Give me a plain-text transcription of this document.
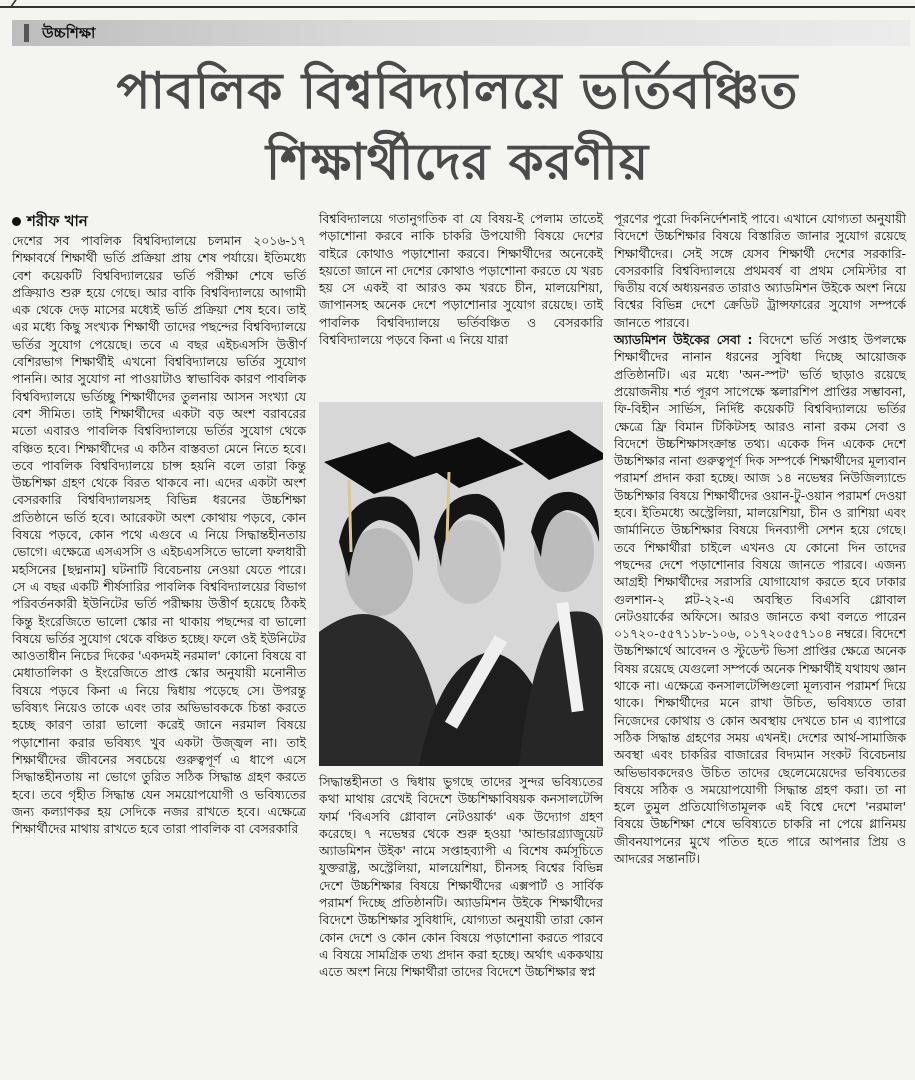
উচ্চশিক্ষা
পাবলিক বিশ্ববিদ্যালয়ে ভর্তিবঞ্চিত
শিক্ষার্থীদের করণীয়
শরীফ খান

দেশের সব পাবলিক বিশ্ববিদ্যালয়ে চলমান ২০১৬-১৭ শিক্ষাবর্ষে শিক্ষার্থী ভর্তি প্রক্রিয়া প্রায় শেষ পর্যায়ে। ইতিমধ্যে বেশ কয়েকটি বিশ্ববিদ্যালয়ের ভর্তি পরীক্ষা শেষে ভর্তি প্রক্রিয়াও শুরু হয়ে গেছে। আর বাকি বিশ্ববিদ্যালয়ে আগামী এক থেকে দেড় মাসের মধ্যেই ভর্তি প্রক্রিয়া শেষ হবে। তাই এর মধ্যে কিছু সংখ্যক শিক্ষার্থী তাদের পছন্দের বিশ্ববিদ্যালয়ে ভর্তির সুযোগ পেয়েছে। তবে এ বছর এইচএসসি উত্তীর্ণ বেশিরভাগ শিক্ষার্থীই এখনো বিশ্ববিদ্যালয়ে ভর্তির সুযোগ পাননি। আর সুযোগ না পাওয়াটাও স্বাভাবিক কারণ পাবলিক বিশ্ববিদ্যালয়ে ভর্তিচ্ছু শিক্ষার্থীদের তুলনায় আসন সংখ্যা যে বেশ সীমিত। তাই শিক্ষার্থীদের একটা বড় অংশ বরাবরের মতো এবারও পাবলিক বিশ্ববিদ্যালয়ে ভর্তির সুযোগ থেকে বঞ্চিত হবে। শিক্ষার্থীদের এ কঠিন বাস্তবতা মেনে নিতে হবে। তবে পাবলিক বিশ্ববিদ্যালয়ে চান্স হয়নি বলে তারা কিন্তু উচ্চশিক্ষা গ্রহণ থেকে বিরত থাকবে না। এদের একটা অংশ বেসরকারি বিশ্ববিদ্যালয়সহ বিভিন্ন ধরনের উচ্চশিক্ষা প্রতিষ্ঠানে ভর্তি হবে। আরেকটা অংশ কোথায় পড়বে, কোন বিষয়ে পড়বে, কোন পথে এগুবে এ নিয়ে সিদ্ধান্তহীনতায় ভোগে। এক্ষেত্রে এসএসসি ও এইচএসসিতে ভালো ফলধারী মহসিনের [ছদ্মনাম] ঘটনাটি বিবেচনায় নেওয়া যেতে পারে। সে এ বছর একটি শীর্ষসারির পাবলিক বিশ্ববিদ্যালয়ের বিভাগ পরিবর্তনকারী ইউনিটের ভর্তি পরীক্ষায় উত্তীর্ণ হয়েছে ঠিকই কিন্তু ইংরেজিতে ভালো স্কোর না থাকায় পছন্দের বা ভালো বিষয়ে ভর্তির সুযোগ থেকে বঞ্চিত হচ্ছে। ফলে ওই ইউনিটের আওতাধীন নিচের দিকের 'একদমই নরমাল' কোনো বিষয়ে বা মেধাতালিকা ও ইংরেজিতে প্রাপ্ত স্কোর অনুযায়ী মনোনীত বিষয়ে পড়বে কিনা এ নিয়ে দ্বিধায় পড়েছে সে। উপরন্তু ভবিষ্যৎ নিয়েও তাকে এবং তার অভিভাবককে চিন্তা করতে হচ্ছে কারণ তারা ভালো করেই জানে নরমাল বিষয়ে পড়াশোনা করার ভবিষ্যৎ খুব একটা উজ্জ্বল না। তাই শিক্ষার্থীদের জীবনের সবচেয়ে গুরুত্বপূর্ণ এ ধাপে এসে সিদ্ধান্তহীনতায় না ভোগে তুরিত সঠিক সিদ্ধান্ত গ্রহণ করতে হবে। তবে গৃহীত সিদ্ধান্ত যেন সময়োপযোগী ও ভবিষ্যতের জন্য কল্যাণকর হয় সেদিকে নজর রাখতে হবে। এক্ষেত্রে শিক্ষার্থীদের মাথায় রাখতে হবে তারা পাবলিক বা বেসরকারি

বিশ্ববিদ্যালয়ে গতানুগতিক বা যে বিষয়-ই পেলাম তাতেই পড়াশোনা করবে নাকি চাকরি উপযোগী বিষয়ে দেশের বাইরে কোথাও পড়াশোনা করবে। শিক্ষার্থীদের অনেকেই হয়তো জানে না দেশের কোথাও পড়াশোনা করতে যে খরচ হয় সে একই বা আরও কম খরচে চীন, মালয়েশিয়া, জাপানসহ অনেক দেশে পড়াশোনার সুযোগ রয়েছে। তাই পাবলিক বিশ্ববিদ্যালয়ে ভর্তিবঞ্চিত ও বেসরকারি বিশ্ববিদ্যালয়ে পড়বে কিনা এ নিয়ে যারা

সিদ্ধান্তহীনতা ও দ্বিধায় ভুগছে তাদের সুন্দর ভবিষ্যতের কথা মাথায় রেখেই বিদেশে উচ্চশিক্ষাবিষয়ক কনসালটেন্সি ফার্ম 'বিএসবি গ্লোবাল নেটওয়ার্ক' এক উদ্যোগ গ্রহণ করেছে। ৭ নভেম্বর থেকে শুরু হওয়া 'আন্ডারগ্র্যাজুয়েট অ্যাডমিশন উইক' নামে সপ্তাহব্যাপী এ বিশেষ কর্মসূচিতে যুক্তরাষ্ট্র, অস্ট্রেলিয়া, মালয়েশিয়া, চীনসহ বিশ্বের বিভিন্ন দেশে উচ্চশিক্ষার বিষয়ে শিক্ষার্থীদের এক্সপার্ট ও সার্বিক পরামর্শ দিচ্ছে প্রতিষ্ঠানটি। অ্যাডমিশন উইকে শিক্ষার্থীদের বিদেশে উচ্চশিক্ষার সুবিধাদি, যোগ্যতা অনুযায়ী তারা কোন কোন দেশে ও কোন কোন বিষয়ে পড়াশোনা করতে পারবে এ বিষয়ে সামগ্রিক তথ্য প্রদান করা হচ্ছে। অর্থাৎ এককথায় এতে অংশ নিয়ে শিক্ষার্থীরা তাদের বিদেশে উচ্চশিক্ষার স্বপ্ন

পূরণের পুরো দিকনির্দেশনাই পাবে। এখানে যোগ্যতা অনুযায়ী বিদেশে উচ্চশিক্ষার বিষয়ে বিস্তারিত জানার সুযোগ রয়েছে শিক্ষার্থীদের। সেই সঙ্গে যেসব শিক্ষার্থী দেশের সরকারি-বেসরকারি বিশ্ববিদ্যালয়ে প্রথমবর্ষ বা প্রথম সেমিস্টার বা দ্বিতীয় বর্ষে অধ্যয়নরত তারাও অ্যাডমিশন উইকে অংশ নিয়ে বিশ্বের বিভিন্ন দেশে ক্রেডিট ট্রান্সফারের সুযোগ সম্পর্কে জানতে পারবে।

অ্যাডমিশন উইকের সেবা : বিদেশে ভর্তি সপ্তাহ উপলক্ষে শিক্ষার্থীদের নানান ধরনের সুবিধা দিচ্ছে আয়োজক প্রতিষ্ঠানটি। এর মধ্যে 'অন-স্পট' ভর্তি ছাড়াও রয়েছে প্রয়োজনীয় শর্ত পূরণ সাপেক্ষে স্কলারশিপ প্রাপ্তির সম্ভাবনা, ফি-বিহীন সার্ভিস, নির্দিষ্ট কয়েকটি বিশ্ববিদ্যালয়ে ভর্তির ক্ষেত্রে ফ্রি বিমান টিকিটসহ আরও নানা রকম সেবা ও বিদেশে উচ্চশিক্ষাসংক্রান্ত তথ্য। একেক দিন একেক দেশে উচ্চশিক্ষার নানা গুরুত্বপূর্ণ দিক সম্পর্কে শিক্ষার্থীদের মূল্যবান পরামর্শ প্রদান করা হচ্ছে। আজ ১৪ নভেম্বর নিউজিল্যান্ডে উচ্চশিক্ষার বিষয়ে শিক্ষার্থীদের ওয়ান-টু-ওয়ান পরামর্শ দেওয়া হবে। ইতিমধ্যে অস্ট্রেলিয়া, মালয়েশিয়া, চীন ও রাশিয়া এবং জার্মানিতে উচ্চশিক্ষার বিষয়ে দিনব্যাপী সেশন হয়ে গেছে। তবে শিক্ষার্থীরা চাইলে এখনও যে কোনো দিন তাদের পছন্দের দেশে পড়াশোনার বিষয়ে জানতে পারবে। এজন্য আগ্রহী শিক্ষার্থীদের সরাসরি যোগাযোগ করতে হবে ঢাকার গুলশান-২ প্লট-২২-এ অবস্থিত বিএসবি গ্লোবাল নেটওয়ার্কের অফিসে। আরও জানতে কথা বলতে পারেন ০১৭২০-৫৫৭১১৮-১০৬, ০১৭২০৫৫৭১০৪ নম্বরে। বিদেশে উচ্চশিক্ষার্থে আবেদন ও স্টুডেন্ট ভিসা প্রাপ্তির ক্ষেত্রে অনেক বিষয় রয়েছে যেগুলো সম্পর্কে অনেক শিক্ষার্থীই যথাযথ জ্ঞান থাকে না। এক্ষেত্রে কনসালটেন্সিগুলো মূল্যবান পরামর্শ দিয়ে থাকে। শিক্ষার্থীদের মনে রাখা উচিত, ভবিষ্যতে তারা নিজেদের কোথায় ও কোন অবস্থায় দেখতে চান এ ব্যাপারে সঠিক সিদ্ধান্ত গ্রহণের সময় এখনই। দেশের আর্থ-সামাজিক অবস্থা এবং চাকরির বাজারের বিদ্যমান সংকট বিবেচনায় অভিভাবকদেরও উচিত তাদের ছেলেমেয়েদের ভবিষ্যতের বিষয়ে সঠিক ও সময়োপযোগী সিদ্ধান্ত গ্রহণ করা। তা না হলে তুমুল প্রতিযোগিতামূলক এই বিশ্বে দেশে 'নরমাল' বিষয়ে উচ্চশিক্ষা শেষে ভবিষ্যতে চাকরি না পেয়ে গ্লানিময় জীবনযাপনের মুখে পতিত হতে পারে আপনার প্রিয় ও আদরের সন্তানটি।
